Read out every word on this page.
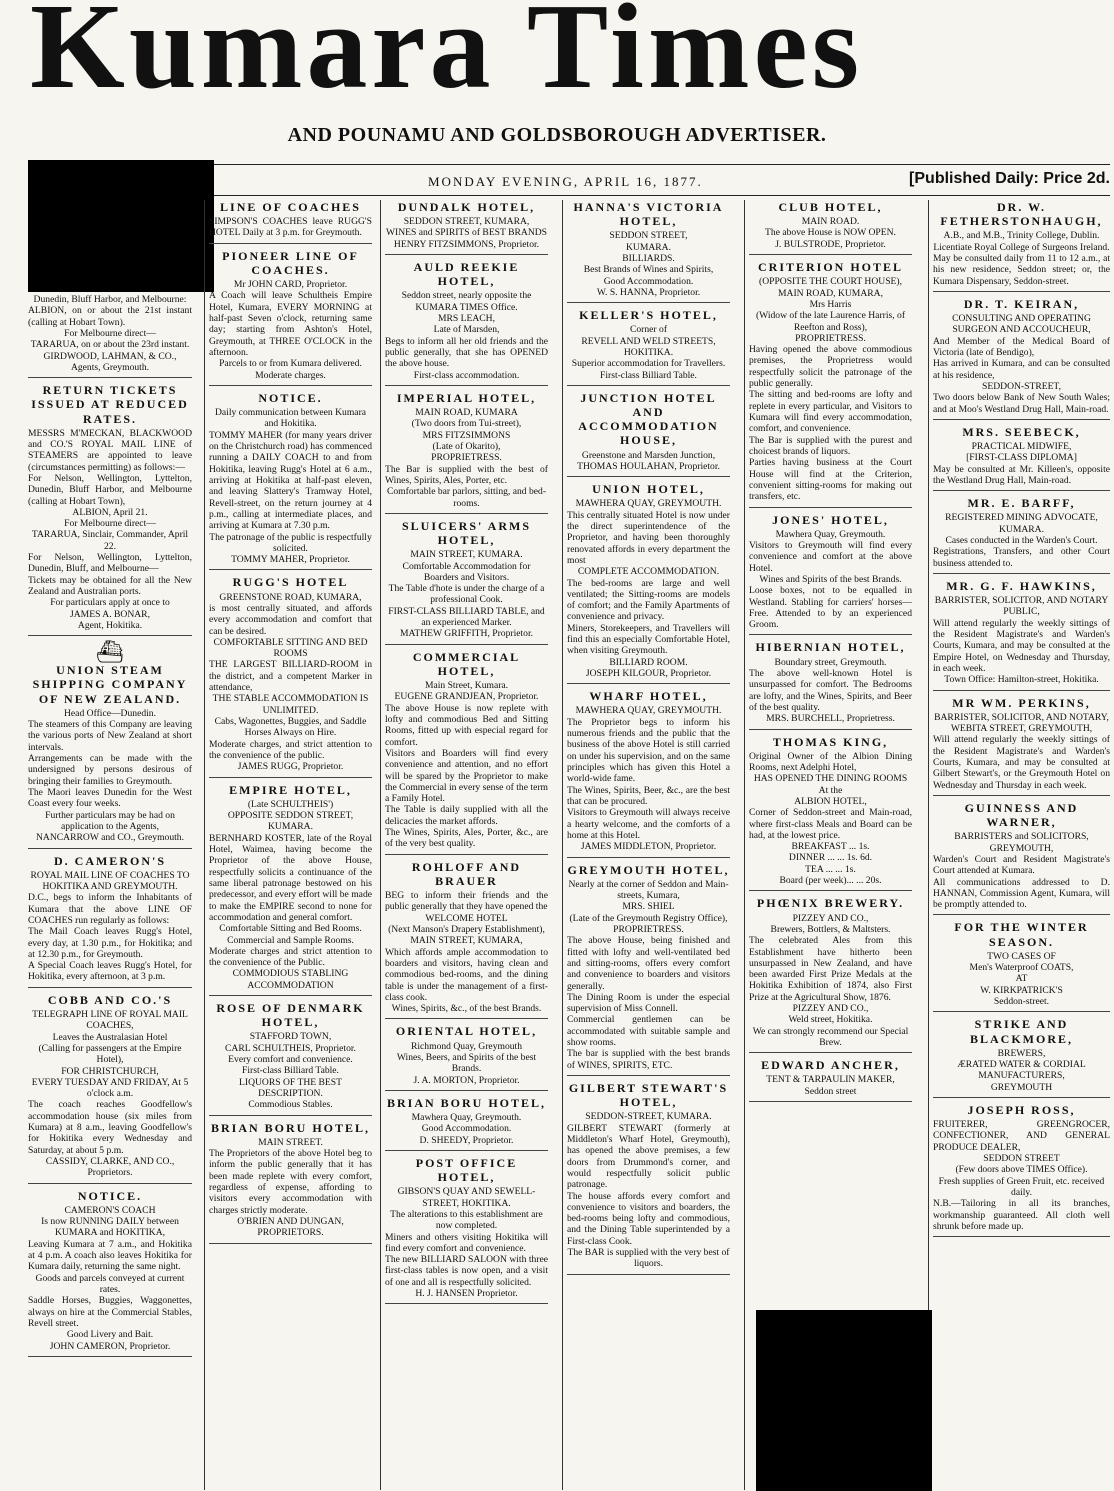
Kumara Times
AND POUNAMU AND GOLDSBOROUGH ADVERTISER.
MONDAY EVENING, APRIL 16, 1877.	[Published Daily: Price 2d.

Dunedin, Bluff Harbor, and Melbourne:

ALBION, on or about the 21st instant (calling at Hobart Town).

For Melbourne direct—

TARARUA, on or about the 23rd instant.

GIRDWOOD, LAHMAN, & CO.,

Agents, Greymouth.

RETURN TICKETS ISSUED AT REDUCED RATES.

MESSRS M'MECKAN, BLACKWOOD and CO.'S ROYAL MAIL LINE of STEAMERS are appointed to leave (circumstances permitting) as follows:—

For Nelson, Wellington, Lyttelton, Dunedin, Bluff Harbor, and Melbourne (calling at Hobart Town),

ALBION, April 21.

For Melbourne direct—

TARARUA, Sinclair, Commander, April 22.

For Nelson, Wellington, Lyttelton, Dunedin, Bluff, and Melbourne—

Tickets may be obtained for all the New Zealand and Australian ports.

For particulars apply at once to

JAMES A. BONAR,

Agent, Hokitika.

⛴
UNION STEAM SHIPPING COMPANY OF NEW ZEALAND.

Head Office—Dunedin.

The steamers of this Company are leaving the various ports of New Zealand at short intervals.

Arrangements can be made with the undersigned by persons desirous of bringing their families to Greymouth.

The Maori leaves Dunedin for the West Coast every four weeks.

Further particulars may be had on application to the Agents,

NANCARROW and CO., Greymouth.

D. CAMERON'S

ROYAL MAIL LINE OF COACHES TO HOKITIKA AND GREYMOUTH.

D.C., begs to inform the Inhabitants of Kumara that the above LINE OF COACHES run regularly as follows:

The Mail Coach leaves Rugg's Hotel, every day, at 1.30 p.m., for Hokitika; and at 12.30 p.m., for Greymouth.

A Special Coach leaves Rugg's Hotel, for Hokitika, every afternoon, at 3 p.m.

COBB AND CO.'S

TELEGRAPH LINE OF ROYAL MAIL COACHES,

Leaves the Australasian Hotel

(Calling for passengers at the Empire Hotel),

FOR CHRISTCHURCH,

EVERY TUESDAY AND FRIDAY, At 5 o'clock a.m.

The coach reaches Goodfellow's accommodation house (six miles from Kumara) at 8 a.m., leaving Goodfellow's for Hokitika every Wednesday and Saturday, at about 5 p.m.

CASSIDY, CLARKE, AND CO., Proprietors.

NOTICE.

CAMERON'S COACH

Is now RUNNING DAILY between KUMARA and HOKITIKA,

Leaving Kumara at 7 a.m., and Hokitika at 4 p.m. A coach also leaves Hokitika for Kumara daily, returning the same night.

Goods and parcels conveyed at current rates.

Saddle Horses, Buggies, Waggonettes, always on hire at the Commercial Stables, Revell street.

Good Livery and Bait.

JOHN CAMERON, Proprietor.

LINE OF COACHES

SIMPSON'S COACHES leave RUGG'S HOTEL Daily at 3 p.m. for Greymouth.

PIONEER LINE OF COACHES.

Mr JOHN CARD, Proprietor.

A Coach will leave Schultheis Empire Hotel, Kumara, EVERY MORNING at half-past Seven o'clock, returning same day; starting from Ashton's Hotel, Greymouth, at THREE O'CLOCK in the afternoon.

Parcels to or from Kumara delivered. Moderate charges.

NOTICE.

Daily communication between Kumara and Hokitika.

TOMMY MAHER (for many years driver on the Christchurch road) has commenced running a DAILY COACH to and from Hokitika, leaving Rugg's Hotel at 6 a.m., arriving at Hokitika at half-past eleven, and leaving Slattery's Tramway Hotel, Revell-street, on the return journey at 4 p.m., calling at intermediate places, and arriving at Kumara at 7.30 p.m.

The patronage of the public is respectfully solicited.

TOMMY MAHER, Proprietor.

RUGG'S HOTEL

GREENSTONE ROAD, KUMARA,

is most centrally situated, and affords every accommodation and comfort that can be desired.

COMFORTABLE SITTING AND BED ROOMS

THE LARGEST BILLIARD-ROOM in the district, and a competent Marker in attendance,

THE STABLE ACCOMMODATION IS UNLIMITED.

Cabs, Wagonettes, Buggies, and Saddle Horses Always on Hire.

Moderate charges, and strict attention to the convenience of the public.

JAMES RUGG, Proprietor.

EMPIRE HOTEL,

(Late SCHULTHEIS')

OPPOSITE SEDDON STREET, KUMARA.

BERNHARD KOSTER, late of the Royal Hotel, Waimea, having become the Proprietor of the above House, respectfully solicits a continuance of the same liberal patronage bestowed on his predecessor, and every effort will be made to make the EMPIRE second to none for accommodation and general comfort.

Comfortable Sitting and Bed Rooms.

Commercial and Sample Rooms.

Moderate charges and strict attention to the convenience of the Public.

COMMODIOUS STABLING ACCOMMODATION

ROSE OF DENMARK HOTEL,

STAFFORD TOWN,

CARL SCHULTHEIS, Proprietor.

Every comfort and convenience.

First-class Billiard Table.

LIQUORS OF THE BEST DESCRIPTION.

Commodious Stables.

BRIAN BORU HOTEL,

MAIN STREET.

The Proprietors of the above Hotel beg to inform the public generally that it has been made replete with every comfort, regardless of expense, affording to visitors every accommodation with charges strictly moderate.

O'BRIEN AND DUNGAN, PROPRIETORS.

DUNDALK HOTEL,

SEDDON STREET, KUMARA,

WINES and SPIRITS of BEST BRANDS

HENRY FITZSIMMONS, Proprietor.

AULD REEKIE HOTEL,

Seddon street, nearly opposite the KUMARA TIMES Office.

MRS LEACH,

Late of Marsden,

Begs to inform all her old friends and the public generally, that she has OPENED the above house.

First-class accommodation.

IMPERIAL HOTEL,

MAIN ROAD, KUMARA

(Two doors from Tui-street),

MRS FITZSIMMONS

(Late of Okarito),

PROPRIETRESS.

The Bar is supplied with the best of Wines, Spirits, Ales, Porter, etc.

Comfortable bar parlors, sitting, and bed-rooms.

SLUICERS' ARMS HOTEL,

MAIN STREET, KUMARA.

Comfortable Accommodation for Boarders and Visitors.

The Table d'hote is under the charge of a professional Cook.

FIRST-CLASS BILLIARD TABLE, and an experienced Marker.

MATHEW GRIFFITH, Proprietor.

COMMERCIAL HOTEL,

Main Street, Kumara.

EUGENE GRANDJEAN, Proprietor.

The above House is now replete with lofty and commodious Bed and Sitting Rooms, fitted up with especial regard for comfort.

Visitors and Boarders will find every convenience and attention, and no effort will be spared by the Proprietor to make the Commercial in every sense of the term a Family Hotel.

The Table is daily supplied with all the delicacies the market affords.

The Wines, Spirits, Ales, Porter, &c., are of the very best quality.

ROHLOFF AND BRAUER

BEG to inform their friends and the public generally that they have opened the

WELCOME HOTEL

(Next Manson's Drapery Establishment),

MAIN STREET, KUMARA,

Which affords ample accommodation to boarders and visitors, having clean and commodious bed-rooms, and the dining table is under the management of a first-class cook.

Wines, Spirits, &c., of the best Brands.

ORIENTAL HOTEL,

Richmond Quay, Greymouth

Wines, Beers, and Spirits of the best Brands.

J. A. MORTON, Proprietor.

BRIAN BORU HOTEL,

Mawhera Quay, Greymouth.

Good Accommodation.

D. SHEEDY, Proprietor.

POST OFFICE HOTEL,

GIBSON'S QUAY AND SEWELL-STREET, HOKITIKA.

The alterations to this establishment are now completed.

Miners and others visiting Hokitika will find every comfort and convenience.

The new BILLIARD SALOON with three first-class tables is now open, and a visit of one and all is respectfully solicited.

H. J. HANSEN Proprietor.

HANNA'S VICTORIA HOTEL,

SEDDON STREET,

KUMARA.

BILLIARDS.

Best Brands of Wines and Spirits,

Good Accommodation.

W. S. HANNA, Proprietor.

KELLER'S HOTEL,

Corner of

REVELL AND WELD STREETS, HOKITIKA.

Superior accommodation for Travellers.

First-class Billiard Table.

JUNCTION HOTEL AND ACCOMMODATION HOUSE,

Greenstone and Marsden Junction,

THOMAS HOULAHAN, Proprietor.

UNION HOTEL,

MAWHERA QUAY, GREYMOUTH.

This centrally situated Hotel is now under the direct superintendence of the Proprietor, and having been thoroughly renovated affords in every department the most

COMPLETE ACCOMMODATION.

The bed-rooms are large and well ventilated; the Sitting-rooms are models of comfort; and the Family Apartments of convenience and privacy.

Miners, Storekeepers, and Travellers will find this an especially Comfortable Hotel, when visiting Greymouth.

BILLIARD ROOM.

JOSEPH KILGOUR, Proprietor.

WHARF HOTEL,

MAWHERA QUAY, GREYMOUTH.

The Proprietor begs to inform his numerous friends and the public that the business of the above Hotel is still carried on under his supervision, and on the same principles which has given this Hotel a world-wide fame.

The Wines, Spirits, Beer, &c., are the best that can be procured.

Visitors to Greymouth will always receive a hearty welcome, and the comforts of a home at this Hotel.

JAMES MIDDLETON, Proprietor.

GREYMOUTH HOTEL,

Nearly at the corner of Seddon and Main-streets, Kumara,

MRS. SHIEL

(Late of the Greymouth Registry Office),

PROPRIETRESS.

The above House, being finished and fitted with lofty and well-ventilated bed and sitting-rooms, offers every comfort and convenience to boarders and visitors generally.

The Dining Room is under the especial supervision of Miss Connell.

Commercial gentlemen can be accommodated with suitable sample and show rooms.

The bar is supplied with the best brands of WINES, SPIRITS, ETC.

GILBERT STEWART'S HOTEL,

SEDDON-STREET, KUMARA.

GILBERT STEWART (formerly at Middleton's Wharf Hotel, Greymouth), has opened the above premises, a few doors from Drummond's corner, and would respectfully solicit public patronage.

The house affords every comfort and convenience to visitors and boarders, the bed-rooms being lofty and commodious, and the Dining Table superintended by a First-class Cook.

The BAR is supplied with the very best of liquors.

CLUB HOTEL,

MAIN ROAD.

The above House is NOW OPEN.

J. BULSTRODE, Proprietor.

CRITERION HOTEL

(OPPOSITE THE COURT HOUSE),

MAIN ROAD, KUMARA,

Mrs Harris

(Widow of the late Laurence Harris, of Reefton and Ross),

PROPRIETRESS.

Having opened the above commodious premises, the Proprietress would respectfully solicit the patronage of the public generally.

The sitting and bed-rooms are lofty and replete in every particular, and Visitors to Kumara will find every accommodation, comfort, and convenience.

The Bar is supplied with the purest and choicest brands of liquors.

Parties having business at the Court House will find at the Criterion, convenient sitting-rooms for making out transfers, etc.

JONES' HOTEL,

Mawhera Quay, Greymouth.

Visitors to Greymouth will find every convenience and comfort at the above Hotel.

Wines and Spirits of the best Brands.

Loose boxes, not to be equalled in Westland. Stabling for carriers' horses—Free. Attended to by an experienced Groom.

HIBERNIAN HOTEL,

Boundary street, Greymouth.

The above well-known Hotel is unsurpassed for comfort. The Bedrooms are lofty, and the Wines, Spirits, and Beer of the best quality.

MRS. BURCHELL, Proprietress.

THOMAS KING,

Original Owner of the Albion Dining Rooms, next Adelphi Hotel,

HAS OPENED THE DINING ROOMS

At the

ALBION HOTEL,

Corner of Seddon-street and Main-road, where first-class Meals and Board can be had, at the lowest price.

BREAKFAST ... 1s.

DINNER ... ... 1s. 6d.

TEA ... ... 1s.

Board (per week)... ... 20s.

PHŒNIX BREWERY.

PIZZEY AND CO.,

Brewers, Bottlers, & Maltsters.

The celebrated Ales from this Establishment have hitherto been unsurpassed in New Zealand, and have been awarded First Prize Medals at the Hokitika Exhibition of 1874, also First Prize at the Agricultural Show, 1876.

PIZZEY AND CO.,

Weld street, Hokitika.

We can strongly recommend our Special Brew.

EDWARD ANCHER,

TENT & TARPAULIN MAKER,

Seddon street

DR. W. FETHERSTONHAUGH,

A.B., and M.B., Trinity College, Dublin.

Licentiate Royal College of Surgeons Ireland.

May be consulted daily from 11 to 12 a.m., at his new residence, Seddon street; or, the Kumara Dispensary, Seddon-street.

DR. T. KEIRAN,

CONSULTING AND OPERATING SURGEON AND ACCOUCHEUR,

And Member of the Medical Board of Victoria (late of Bendigo),

Has arrived in Kumara, and can be consulted at his residence,

SEDDON-STREET,

Two doors below Bank of New South Wales; and at Moo's Westland Drug Hall, Main-road.

MRS. SEEBECK,

PRACTICAL MIDWIFE,

[FIRST-CLASS DIPLOMA]

May be consulted at Mr. Killeen's, opposite the Westland Drug Hall, Main-road.

MR. E. BARFF,

REGISTERED MINING ADVOCATE, KUMARA.

Cases conducted in the Warden's Court.

Registrations, Transfers, and other Court business attended to.

MR. G. F. HAWKINS,

BARRISTER, SOLICITOR, AND NOTARY PUBLIC,

Will attend regularly the weekly sittings of the Resident Magistrate's and Warden's Courts, Kumara, and may be consulted at the Empire Hotel, on Wednesday and Thursday, in each week.

Town Office: Hamilton-street, Hokitika.

MR WM. PERKINS,

BARRISTER, SOLICITOR, AND NOTARY,

WEBITA STREET, GREYMOUTH,

Will attend regularly the weekly sittings of the Resident Magistrate's and Warden's Courts, Kumara, and may be consulted at Gilbert Stewart's, or the Greymouth Hotel on Wednesday and Thursday in each week.

GUINNESS AND WARNER,

BARRISTERS and SOLICITORS, GREYMOUTH,

Warden's Court and Resident Magistrate's Court attended at Kumara.

All communications addressed to D. HANNAN, Commission Agent, Kumara, will be promptly attended to.

FOR THE WINTER SEASON.

TWO CASES OF

Men's Waterproof COATS,

AT

W. KIRKPATRICK'S

Seddon-street.

STRIKE AND BLACKMORE,

BREWERS,

ÆRATED WATER & CORDIAL MANUFACTURERS,

GREYMOUTH

JOSEPH ROSS,

FRUITERER, GREENGROCER, CONFECTIONER, AND GENERAL PRODUCE DEALER,

SEDDON STREET

(Few doors above TIMES Office).

Fresh supplies of Green Fruit, etc. received daily.

N.B.—Tailoring in all its branches, workmanship guaranteed. All cloth well shrunk before made up.
